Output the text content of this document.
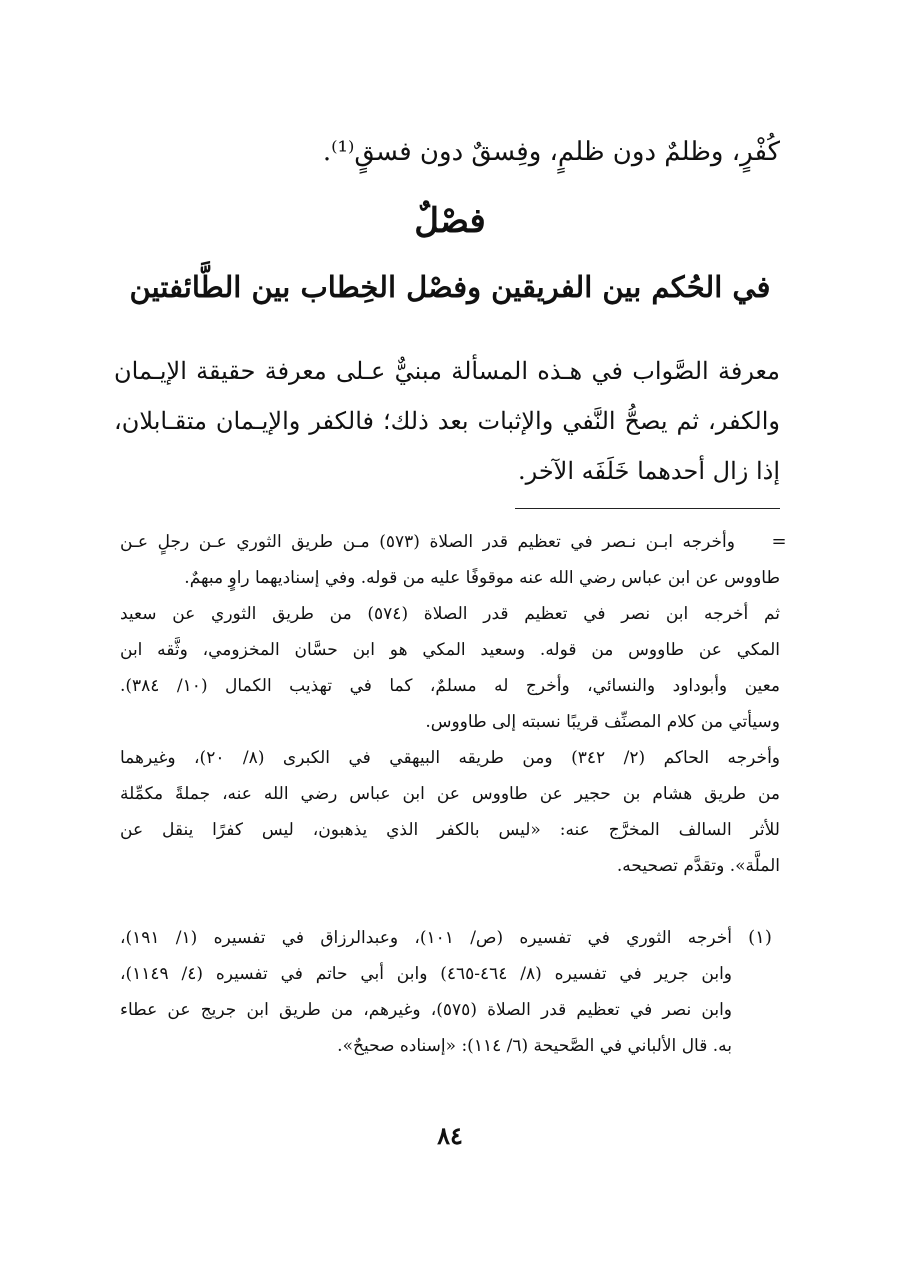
كُفْرٍ، وظلمٌ دون ظلمٍ، وفِسقٌ دون فسقٍ⁽¹⁾.
فصْلٌ
في الحُكم بين الفريقين وفصْل الخِطاب بين الطَّائفتين
معرفة الصَّواب في هـذه المسألة مبنيٌّ عـلى معرفة حقيقة الإيـمان
والكفر، ثم يصحُّ النَّفي والإثبات بعد ذلك؛ فالكفر والإيـمان متقـابلان،
إذا زال أحدهما خَلَفَه الآخر.
=
وأخرجه ابـن نـصر في تعظيم قدر الصلاة (٥٧٣) مـن طريق الثوري عـن رجلٍ عـن
طاووس عن ابن عباس رضي الله عنه موقوفًا عليه من قوله. وفي إسناديهما راوٍ مبهمٌ.
ثم أخرجه ابن نصر في تعظيم قدر الصلاة (٥٧٤) من طريق الثوري عن سعيد
المكي عن طاووس من قوله. وسعيد المكي هو ابن حسَّان المخزومي، وثَّقه ابن
معين وأبوداود والنسائي، وأخرج له مسلمٌ، كما في تهذيب الكمال (١٠/ ٣٨٤).
وسيأتي من كلام المصنِّف قريبًا نسبته إلى طاووس.
وأخرجه الحاكم (٢/ ٣٤٢) ومن طريقه البيهقي في الكبرى (٨/ ٢٠)، وغيرهما
من طريق هشام بن حجير عن طاووس عن ابن عباس رضي الله عنه، جملةً مكمِّلة
للأثر السالف المخرَّج عنه: «ليس بالكفر الذي يذهبون، ليس كفرًا ينقل عن
الملَّة». وتقدَّم تصحيحه.
(١)
أخرجه الثوري في تفسيره (ص/ ١٠١)، وعبدالرزاق في تفسيره (١/ ١٩١)،
وابن جرير في تفسيره (٨/ ٤٦٤-٤٦٥) وابن أبي حاتم في تفسيره (٤/ ١١٤٩)،
وابن نصر في تعظيم قدر الصلاة (٥٧٥)، وغيرهم، من طريق ابن جريج عن عطاء
به. قال الألباني في الصَّحيحة (٦/ ١١٤): «إسناده صحيحٌ».
٨٤
